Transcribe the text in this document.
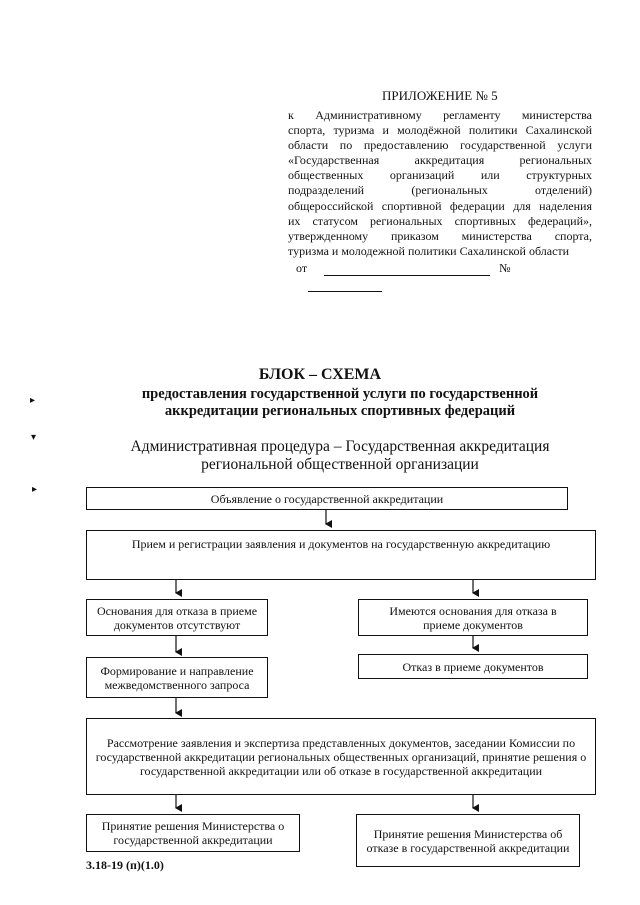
ПРИЛОЖЕНИЕ № 5
к Административному регламенту министерства
спорта, туризма и молодёжной политики Сахалинской
области по предоставлению государственной услуги
«Государственная аккредитация региональных
общественных организаций или структурных
подразделений (региональных отделений)
общероссийской спортивной федерации для наделения
их статусом региональных спортивных федераций»,
утвержденному приказом министерства спорта,
туризма и молодежной политики Сахалинской области
от	№
▸
▾
▸
БЛОК – СХЕМА
предоставления государственной услуги по государственной
аккредитации региональных спортивных федераций
Административная процедура – Государственная аккредитация
региональной общественной организации
Объявление о государственной аккредитации
Прием и регистрации заявления и документов на государственную аккредитацию
Основания для отказа в приеме документов отсутствуют
Имеются основания для отказа в приеме документов
Формирование и направление межведомственного запроса
Отказ в приеме документов
Рассмотрение заявления и экспертиза представленных документов, заседании Комиссии по государственной аккредитации региональных общественных организаций, принятие решения о государственной аккредитации или об отказе в государственной аккредитации
Принятие решения Министерства о государственной аккредитации	Принятие решения Министерства об отказе в государственной аккредитации
3.18-19 (п)(1.0)
